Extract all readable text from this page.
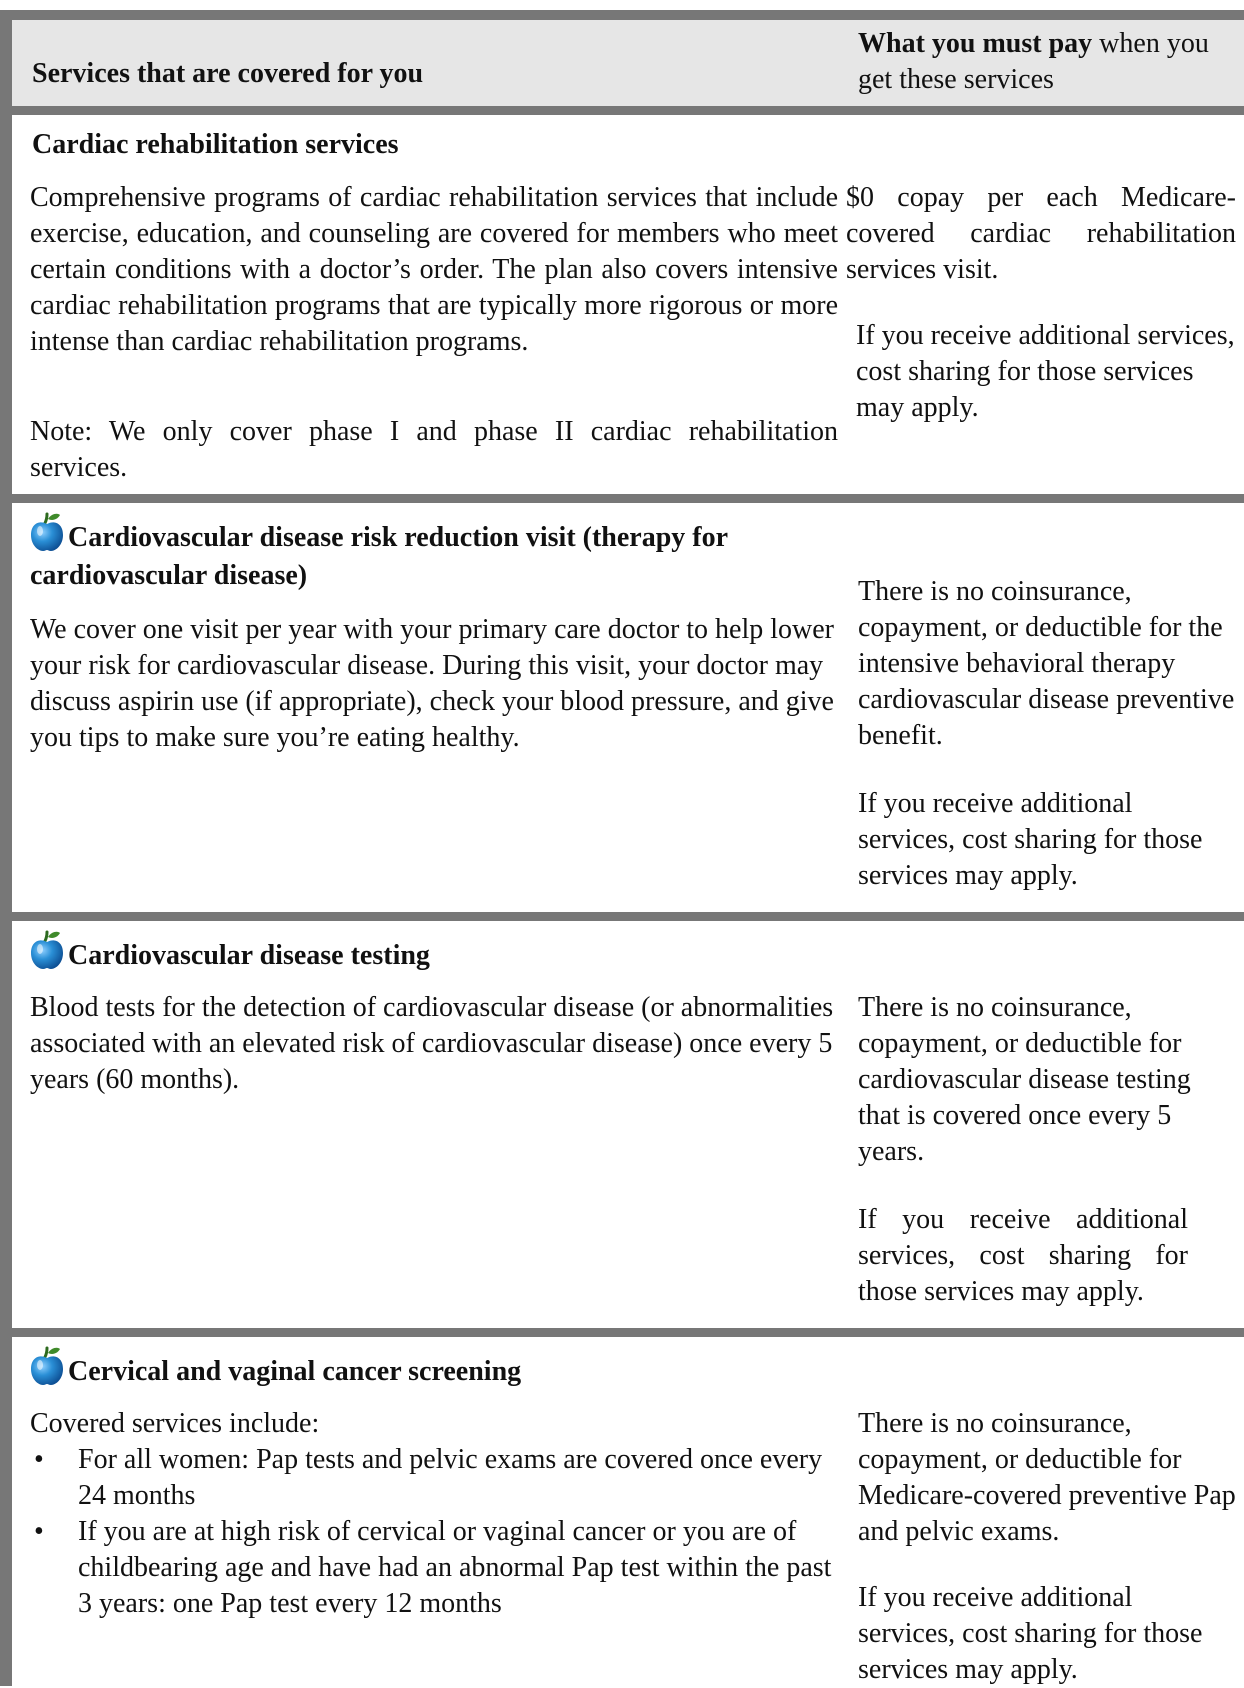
Services that are covered for you
What you must pay when you get these services
Cardiac rehabilitation services
Comprehensive programs of cardiac rehabilitation services that include exercise, education, and counseling are covered for members who meet certain conditions with a doctor’s order. The plan also covers intensive cardiac rehabilitation programs that are typically more rigorous or more intense than cardiac rehabilitation programs.
Note: We only cover phase I and phase II cardiac rehabilitation services.
$0 copay per each Medicare-covered cardiac rehabilitation services visit.
If you receive additional services, cost sharing for those services may apply.
Cardiovascular disease risk reduction visit (therapy for cardiovascular disease)
We cover one visit per year with your primary care doctor to help lower your risk for cardiovascular disease. During this visit, your doctor may discuss aspirin use (if appropriate), check your blood pressure, and give you tips to make sure you’re eating healthy.
There is no coinsurance, copayment, or deductible for the intensive behavioral therapy cardiovascular disease preventive benefit.
If you receive additional services, cost sharing for those services may apply.
Cardiovascular disease testing
Blood tests for the detection of cardiovascular disease (or abnormalities associated with an elevated risk of cardiovascular disease) once every 5 years (60 months).
There is no coinsurance, copayment, or deductible for cardiovascular disease testing that is covered once every 5 years.
If you receive additional services, cost sharing for those services may apply.
Cervical and vaginal cancer screening
Covered services include:
• For all women: Pap tests and pelvic exams are covered once every 24 months
• If you are at high risk of cervical or vaginal cancer or you are of childbearing age and have had an abnormal Pap test within the past 3 years: one Pap test every 12 months
There is no coinsurance, copayment, or deductible for Medicare-covered preventive Pap and pelvic exams.
If you receive additional services, cost sharing for those services may apply.
